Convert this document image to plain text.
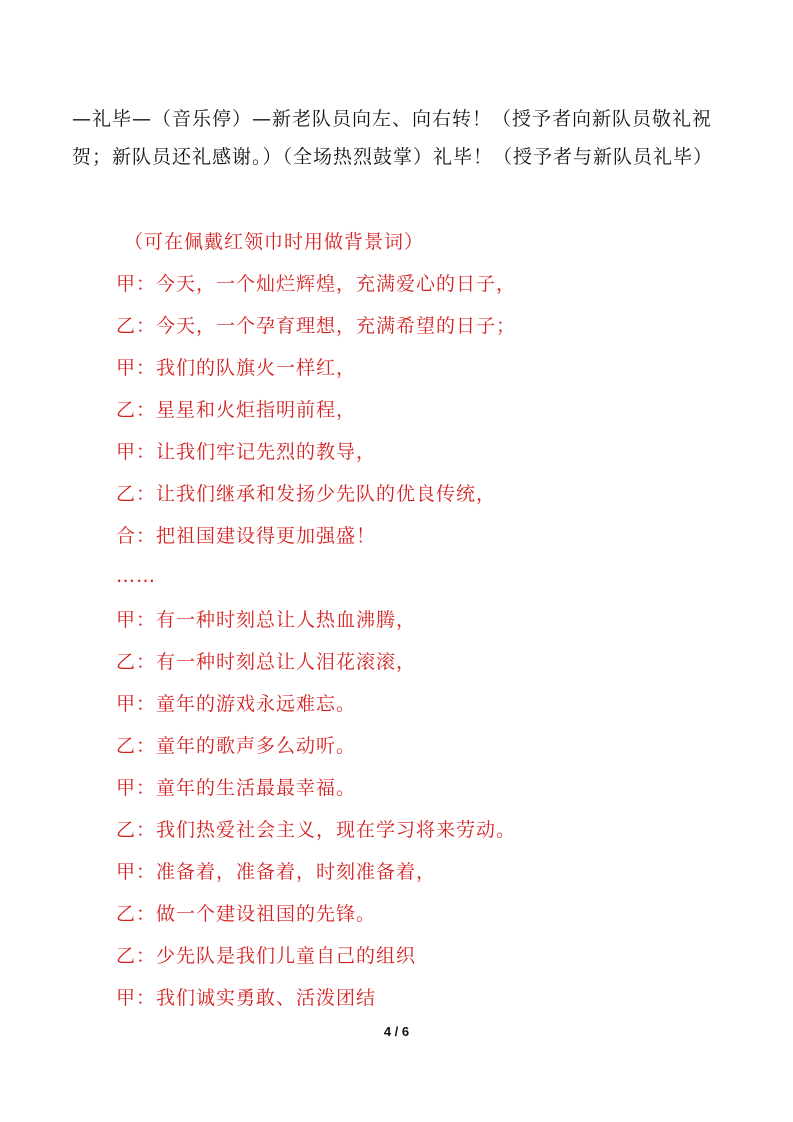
—礼毕—（音乐停）—新老队员向左、向右转！（授予者向新队员敬礼祝贺；新队员还礼感谢。）（全场热烈鼓掌）礼毕！（授予者与新队员礼毕）

（可在佩戴红领巾时用做背景词）

甲：今天，一个灿烂辉煌，充满爱心的日子，

乙：今天，一个孕育理想，充满希望的日子；

甲：我们的队旗火一样红，

乙：星星和火炬指明前程，

甲：让我们牢记先烈的教导，

乙：让我们继承和发扬少先队的优良传统，

合：把祖国建设得更加强盛！

……

甲：有一种时刻总让人热血沸腾，

乙：有一种时刻总让人泪花滚滚，

甲：童年的游戏永远难忘。

乙：童年的歌声多么动听。

甲：童年的生活最最幸福。

乙：我们热爱社会主义，现在学习将来劳动。

甲：准备着，准备着，时刻准备着，

乙：做一个建设祖国的先锋。

乙：少先队是我们儿童自己的组织

甲：我们诚实勇敢、活泼团结

4 / 6
